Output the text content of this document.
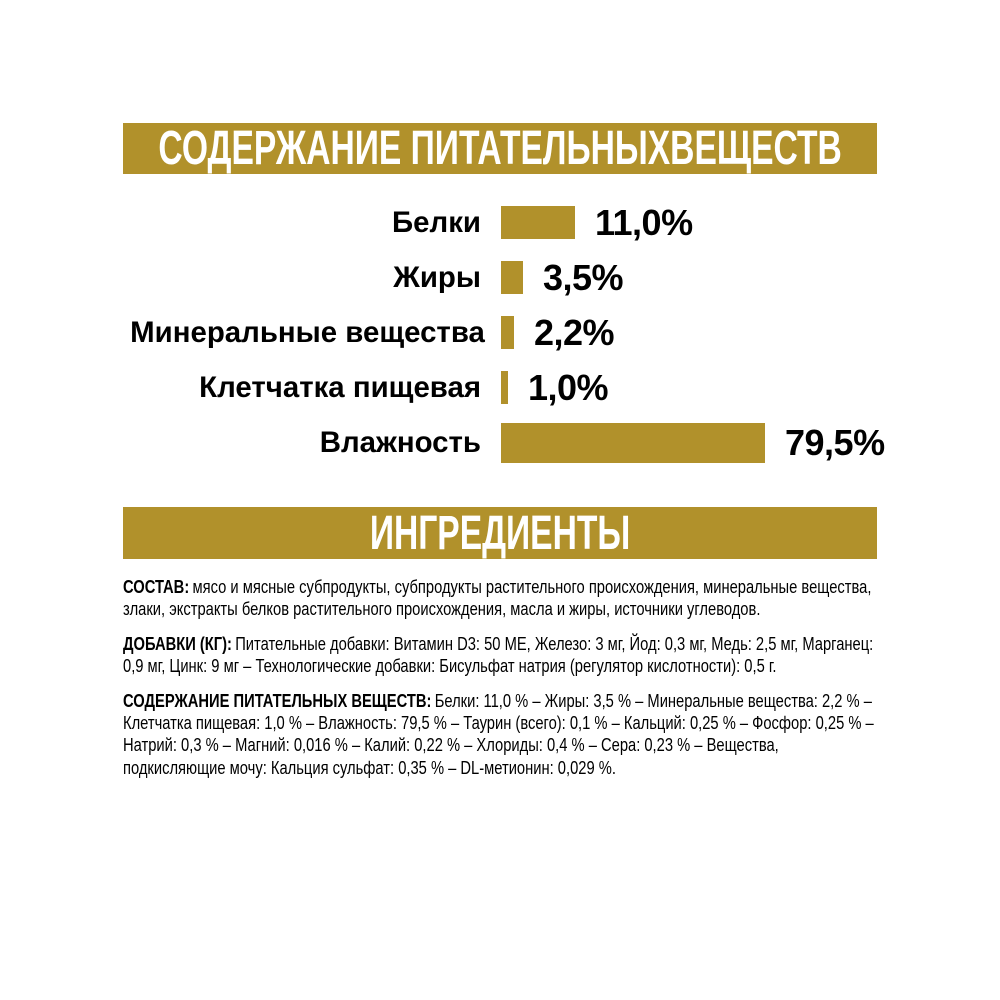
СОДЕРЖАНИЕ ПИТАТЕЛЬНЫХВЕЩЕСТВ
Белки	11,0%
Жиры 3,5%
Минеральные вещества 2,2%
Клетчатка пищевая 1,0%
Влажность	79,5%
ИНГРЕДИЕНТЫ

СОСТАВ: мясо и мясные субпродукты, субпродукты растительного происхождения, минеральные вещества, злаки, экстракты белков растительного происхождения, масла и жиры, источники углеводов.

ДОБАВКИ (КГ): Питательные добавки: Витамин D3: 50 МЕ, Железо: 3 мг, Йод: 0,3 мг, Медь: 2,5 мг, Марганец: 0,9 мг, Цинк: 9 мг – Технологические добавки: Бисульфат натрия (регулятор кислотности): 0,5 г.

СОДЕРЖАНИЕ ПИТАТЕЛЬНЫХ ВЕЩЕСТВ: Белки: 11,0 % – Жиры: 3,5 % – Минеральные вещества: 2,2 % – Клетчатка пищевая: 1,0 % – Влажность: 79,5 % – Таурин (всего): 0,1 % – Кальций: 0,25 % – Фосфор: 0,25 % – Натрий: 0,3 % – Магний: 0,016 % – Калий: 0,22 % – Хлориды: 0,4 % – Сера: 0,23 % – Вещества, подкисляющие мочу: Кальция сульфат: 0,35 % – DL-метионин: 0,029 %.
